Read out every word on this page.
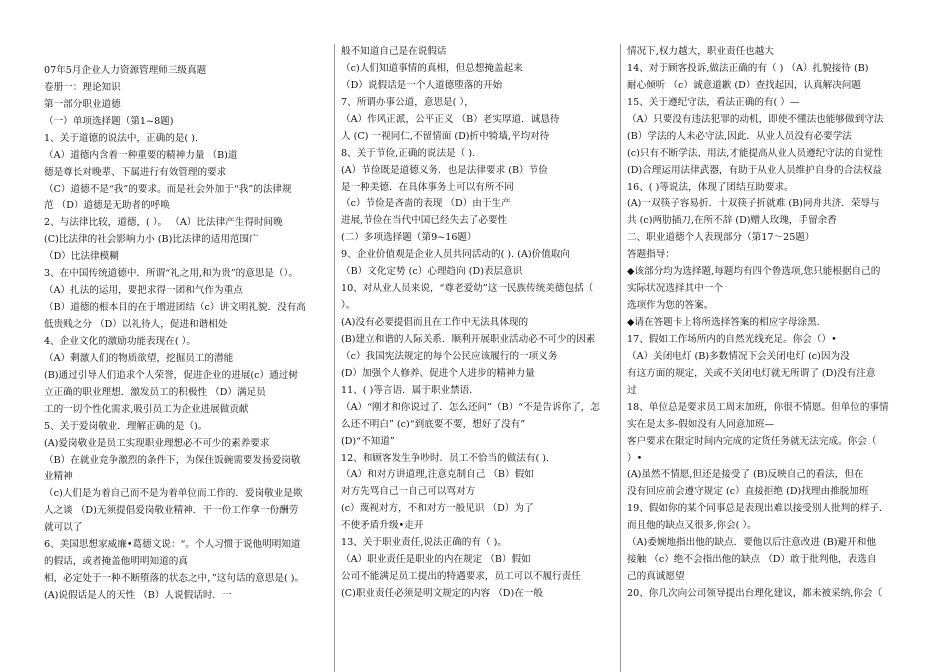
07年5月企业人力资源管理师三级真题
卷册一：理论知识
第一部分职业道德
（一）单项选择题（第1~8题)
1、关于道德的说法中，正确的是( ).
（A）道德内含着一种重要的精神力量 （B)道
德是尊长对晚辈、下属进行有效管理的要求
（C）道德不是“我”的要求。而是社会外加于“我”的法律规
范 （D）道德是无助者的呼唤
2、与法律比较，道德，( ）。 （A）比法律产生得时间晚
(C)比法律的社会影响力小 (B)比法律的适用范围广
（D）比法律模糊
3、在中国传统道德中．所谓“礼之用,和为贵”的意思是（）。
（A）扎法的运用，要把求得一团和气作为重点
（B）道德的根本目的在于增进团结（c）讲文明礼貌．没有高
低贵贱之分 （D）以礼待人，促进和谐相处
4、企业文化的激励功能表现在( ）。
（A）剩激人们的物质欲望，挖掘员工的潜能
(B)通过引导人们追求个人荣誉，促进企业的进展(c）通过树
立正确的职业理想．激发员工的积极性 （D）满足员
工的一切个性化需求,吸引员工为企业进展做贡献
5、关于爱岗敬业．理解正确的是（)。
(A)爱岗敬业是员工实现职业理想必不可少的素养要求
（B）在就业竞争激烈的条件下，为保住饭碗需要发扬爱岗敬
业精神
（c)人们是为着自己而不是为着单位而工作的．爱岗敬业是欺
人之谈 （D)无须提倡爱岗敬业精神．干一份工作拿一份酬劳
就可以了
6、美国思想家威廉•葛德文说：“。个人习惯于说他明明知道
的假话，或者掩盖他明明知道的真
相，必定处于一种不断堕落的状态之中，”这句话的意思是( )。
(A)说假话是人的天性 （B）人说假话时．一
般不知道自己是在说假话
（c)人们知道事情的真相，但总想掩盖起来
（D）说假话是一个人道德堕落的开始
7、所谓办事公道，意思是( ），
（A）作风正派，公平正义 （B）老实厚道．诚恳待
人 (C) 一视同仁,不留情面 (D)折中犄墙,平均对待
8、关于节俭,正确的说法是（ ).
(A）节俭既是道德义务．也是法律要求 (B）节俭
是一种美德．在具体事务上可以有所不同
（c）节俭是吝啬的表现 （D）由于生产
进展,节俭在当代中国已经失去了必要性
(二）多项选择题（第9~16题）
9、企业价值观是企业人员共同活动的( ). (A)价值取向
（B）文化定势 (c）心理趋向 (D)表层意识
10、对从业人员来说，“尊老爱幼”这一民族传统美德包括（
）。
(A)没有必要提倡而且在工作中无法具体现的
(B)建立和谐的人际关系．顺利开展职业活动必不可少的因素
（c）我国宪法规定的每个公民应该履行的一项义务
(D）加强个人修养、促进个人进步的精神力量
11、( )等言语．属于职业禁语.
（A）“刚才和你说过了．怎么还问”（B）“不是告诉你了，怎
么还不明白” (c)“到底要不要，想好了没有”
(D)“不知道”
12、和顾客发生争吵时．员工不恰当的做法有( ).
（A）和对方讲道理,注意克制自己 （B）假如
对方先骂自己一自己可以骂对方
(c）蔑视对方，不和对方一般见识 （D）为了
不使矛盾升级•走开
13、关于职业责任,说法正确的有（ )。
（A）职业责任是职业的内在规定 （B）假如
公司不能满足员工提出的特遇要求，员工可以不履行责任
(C)职业责任必须是明文规定的内容 （D)在一般
情况下,权力越大，职业责任也越大
14、对于顾客投诉,做法正确的有（ ) （A）扎貌接待 (B)
耐心倾听 （c）诚意道歉 (D）查找起因，认真解决问题
15、关于遵纪守法，看法正确的有( ）—
（A）只要没有违法犯罪的动机，即使不懂法也能够做到守法
(B）学法的人未必守法,因此．从业人员没有必要学法
(c)只有不断学法、用法,才能提高从业人员遵纪守法的自觉性
(D)合理运用法律武器，有助于从业人员维护自身的合法权益
16、( )等说法，体现了团结互助要求。
(A)一双筷子容易折．十双筷子折就难 (B)同舟共济．荣辱与
共 (c)两肋插刀,在所不辞 (D)赠人玫瑰，手留余香
二、职业道德个人表现部分（第17～25题）
答题指导：
◆该部分均为选择题,每题均有四个鲁选项,您只能根据自己的
实际状况选择其中一个
选项作为您的答案。
◆请在答题卡上将所选择答案的相应字母涂黑.
17、假如工作场所内的自然光线充足。你会（）•
（A）关闭电灯 (B)多数情况下会关闭电灯 (c)因为没
有这方面的规定，关或不关闭电灯就无所谓了 (D)没有注意
过
18、单位总是要求员工周末加班，你很不情愿。但单位的事情
实在是太多-假如没有人同意加班—
客户要求在限定时间内完成的定货任务就无法完成。你会（
）•
(A)虽然不情愿,但还是接受了 (B)反映自己的看法，但在
没有回应前会遵守规定 (c）直接拒绝 (D)找理由推脱加班
19、假如你的某个同事总是表现出难以接受别人批判的样子．
而且他的缺点又很多,你会( ）。
（A)委婉地指出他的缺点．要他以后注意改进 (B)避开和他
接触 （c）绝不会指出他的缺点 （D）敢于批判他，表选自
己的真诚愿望
20、你几次向公司领导提出台理化建议，都未被采纳,你会（
